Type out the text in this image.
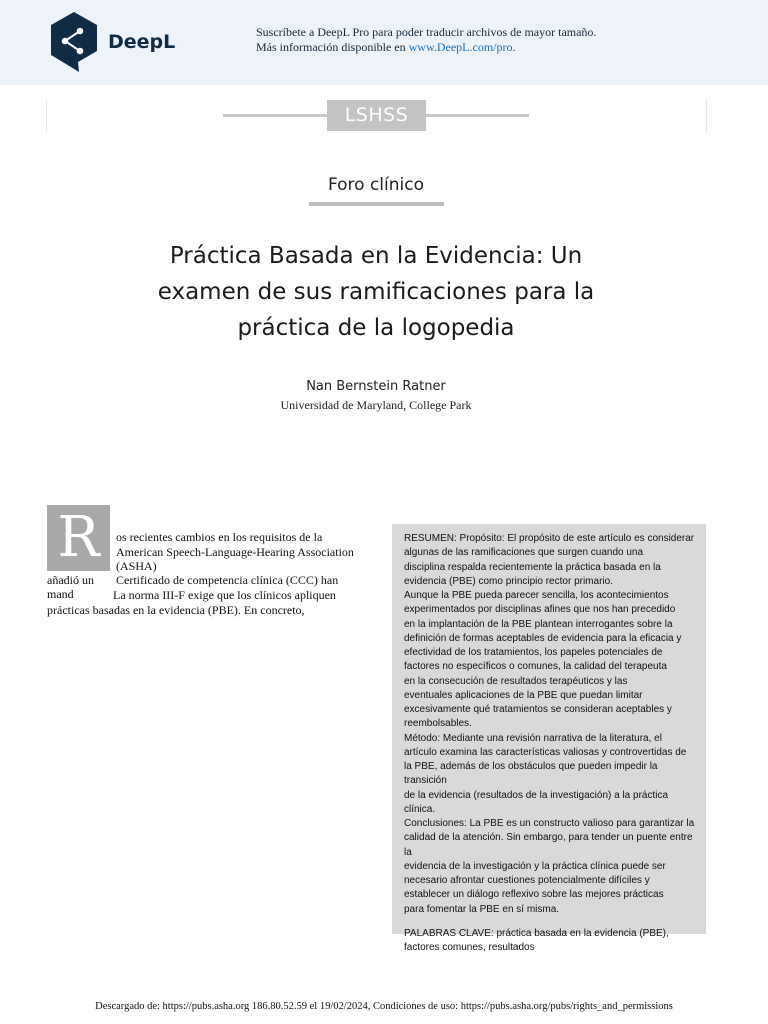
DeepL	Suscríbete a DeepL Pro para poder traducir archivos de mayor tamaño.
Más información disponible en www.DeepL.com/pro.
LSHSS
Foro clínico
Práctica Basada en la Evidencia: Un
examen de sus ramificaciones para la
práctica de la logopedia
Nan Bernstein Ratner
Universidad de Maryland, College Park
R	os recientes cambios en los requisitos de la
American Speech-Language-Hearing Association
(ASHA)
añadió un Certificado de competencia clínica (CCC) han
mand	La norma III-F exige que los clínicos apliquen
prácticas basadas en la evidencia (PBE). En concreto,

RESUMEN: Propósito: El propósito de este artículo es considerar

algunas de las ramificaciones que surgen cuando una

disciplina respalda recientemente la práctica basada en la

evidencia (PBE) como principio rector primario.

Aunque la PBE pueda parecer sencilla, los acontecimientos

experimentados por disciplinas afines que nos han precedido

en la implantación de la PBE plantean interrogantes sobre la

definición de formas aceptables de evidencia para la eficacia y

efectividad de los tratamientos, los papeles potenciales de

factores no específicos o comunes, la calidad del terapeuta

en la consecución de resultados terapéuticos y las

eventuales aplicaciones de la PBE que puedan limitar

excesivamente qué tratamientos se consideran aceptables y

reembolsables.

Método: Mediante una revisión narrativa de la literatura, el

artículo examina las características valiosas y controvertidas de

la PBE, además de los obstáculos que pueden impedir la transición

de la evidencia (resultados de la investigación) a la práctica

clínica.

Conclusiones: La PBE es un constructo valioso para garantizar la

calidad de la atención. Sin embargo, para tender un puente entre la

evidencia de la investigación y la práctica clínica puede ser

necesario afrontar cuestiones potencialmente difíciles y

establecer un diálogo reflexivo sobre las mejores prácticas

para fomentar la PBE en sí misma.

PALABRAS CLAVE: práctica basada en la evidencia (PBE),

factores comunes, resultados

Descargado de: https://pubs.asha.org 186.80.52.59 el 19/02/2024, Condiciones de uso: https://pubs.asha.org/pubs/rights_and_permissions
